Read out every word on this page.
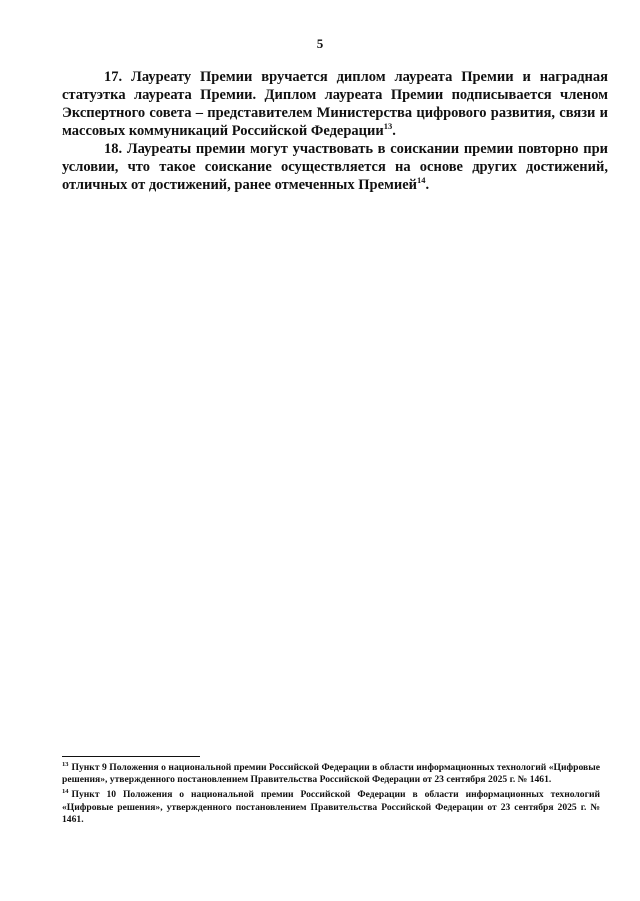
5

17. Лауреату Премии вручается диплом лауреата Премии и наградная статуэтка лауреата Премии. Диплом лауреата Премии подписывается членом Экспертного совета – представителем Министерства цифрового развития, связи и массовых коммуникаций Российской Федерации$^{13}$.

18. Лауреаты премии могут участвовать в соискании премии повторно при условии, что такое соискание осуществляется на основе других достижений, отличных от достижений, ранее отмеченных Премией$^{14}$.

$^{13}$ Пункт 9 Положения о национальной премии Российской Федерации в области информационных технологий «Цифровые решения», утвержденного постановлением Правительства Российской Федерации от 23 сентября 2025 г. № 1461.

$^{14}$ Пункт 10 Положения о национальной премии Российской Федерации в области информационных технологий «Цифровые решения», утвержденного постановлением Правительства Российской Федерации от 23 сентября 2025 г. № 1461.
